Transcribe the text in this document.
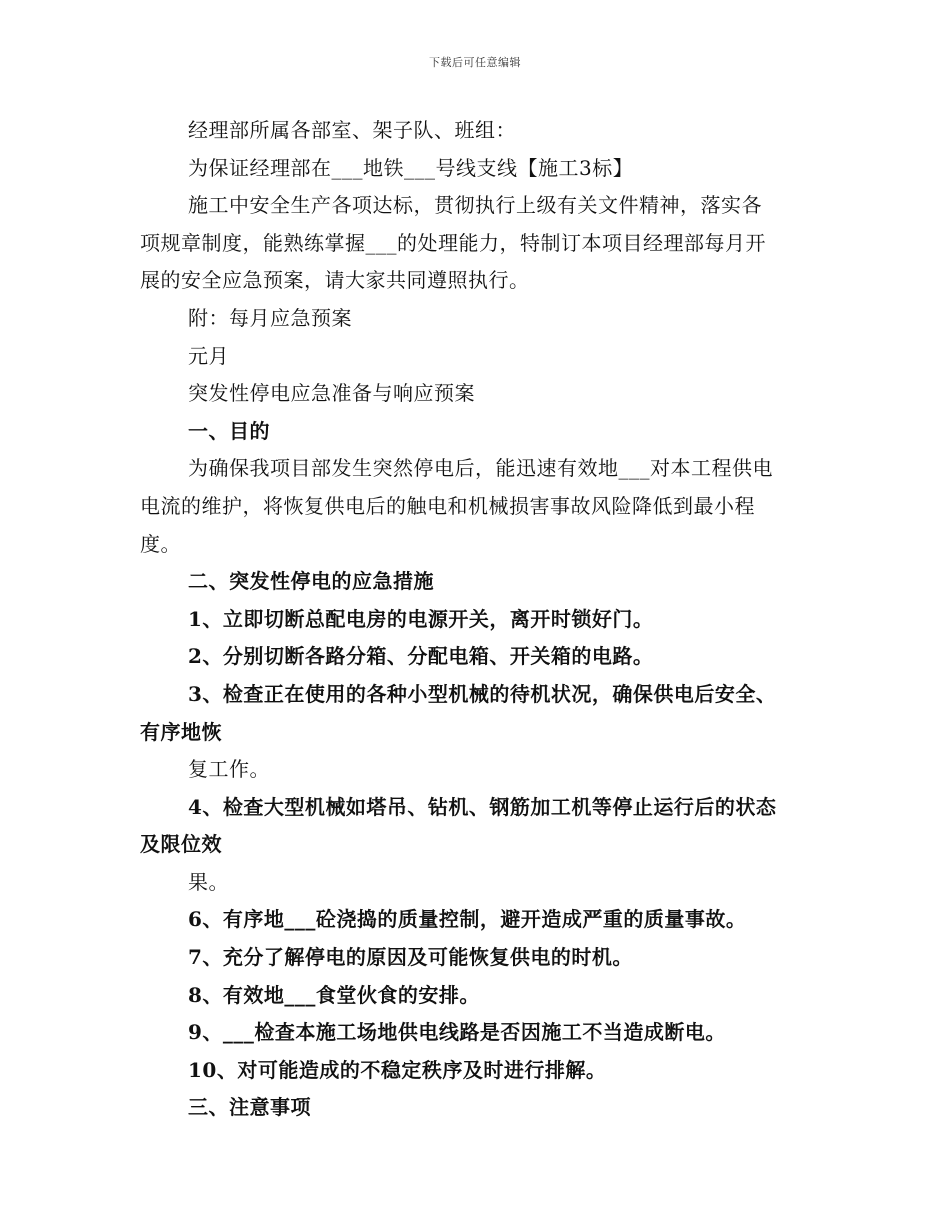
下载后可任意编辑
经理部所属各部室、架子队、班组：
为保证经理部在___地铁___号线支线【施工3标】
施工中安全生产各项达标，贯彻执行上级有关文件精神，落实各
项规章制度，能熟练掌握___的处理能力，特制订本项目经理部每月开
展的安全应急预案，请大家共同遵照执行。
附：每月应急预案
元月
突发性停电应急准备与响应预案
一、目的
为确保我项目部发生突然停电后，能迅速有效地___对本工程供电
电流的维护，将恢复供电后的触电和机械损害事故风险降低到最小程
度。
二、突发性停电的应急措施
1、立即切断总配电房的电源开关，离开时锁好门。
2、分别切断各路分箱、分配电箱、开关箱的电路。
3、检查正在使用的各种小型机械的待机状况，确保供电后安全、
有序地恢
复工作。
4、检查大型机械如塔吊、钻机、钢筋加工机等停止运行后的状态
及限位效
果。
6、有序地___砼浇捣的质量控制，避开造成严重的质量事故。
7、充分了解停电的原因及可能恢复供电的时机。
8、有效地___食堂伙食的安排。
9、___检查本施工场地供电线路是否因施工不当造成断电。
10、对可能造成的不稳定秩序及时进行排解。
三、注意事项
